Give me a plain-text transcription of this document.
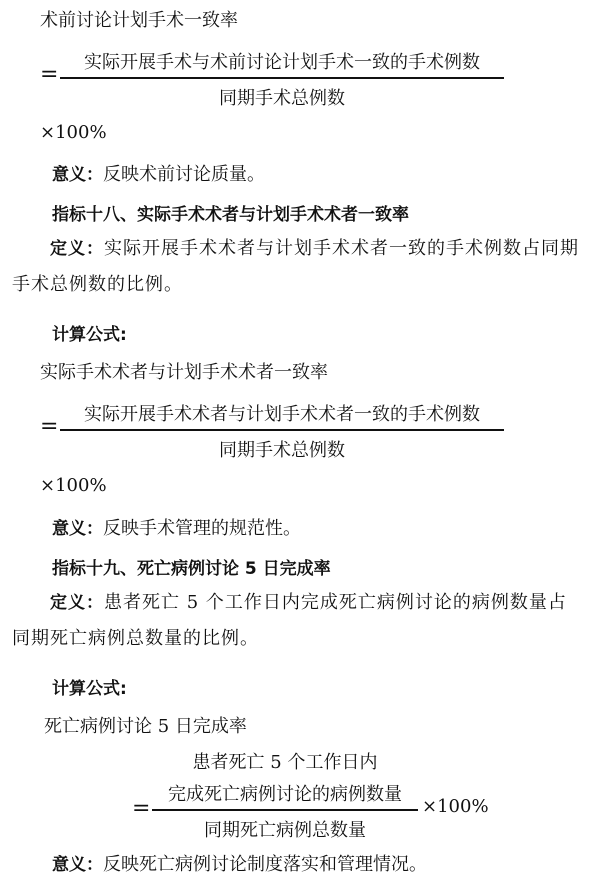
术前讨论计划手术一致率
=	实际开展手术与术前讨论计划手术一致的手术例数
同期手术总例数
×100%
意义：反映术前讨论质量。
指标十八、实际手术术者与计划手术术者一致率
定义：实际开展手术术者与计划手术术者一致的手术例数占同期手术总例数的比例。
计算公式:
实际手术术者与计划手术术者一致率
=	实际开展手术术者与计划手术术者一致的手术例数
同期手术总例数
×100%
意义：反映手术管理的规范性。
指标十九、死亡病例讨论 5 日完成率
定义：患者死亡 5 个工作日内完成死亡病例讨论的病例数量占同期死亡病例总数量的比例。
计算公式:
死亡病例讨论 5 日完成率
=
患者死亡 5 个工作日内
完成死亡病例讨论的病例数量
同期死亡病例总数量
×100%
意义：反映死亡病例讨论制度落实和管理情况。
